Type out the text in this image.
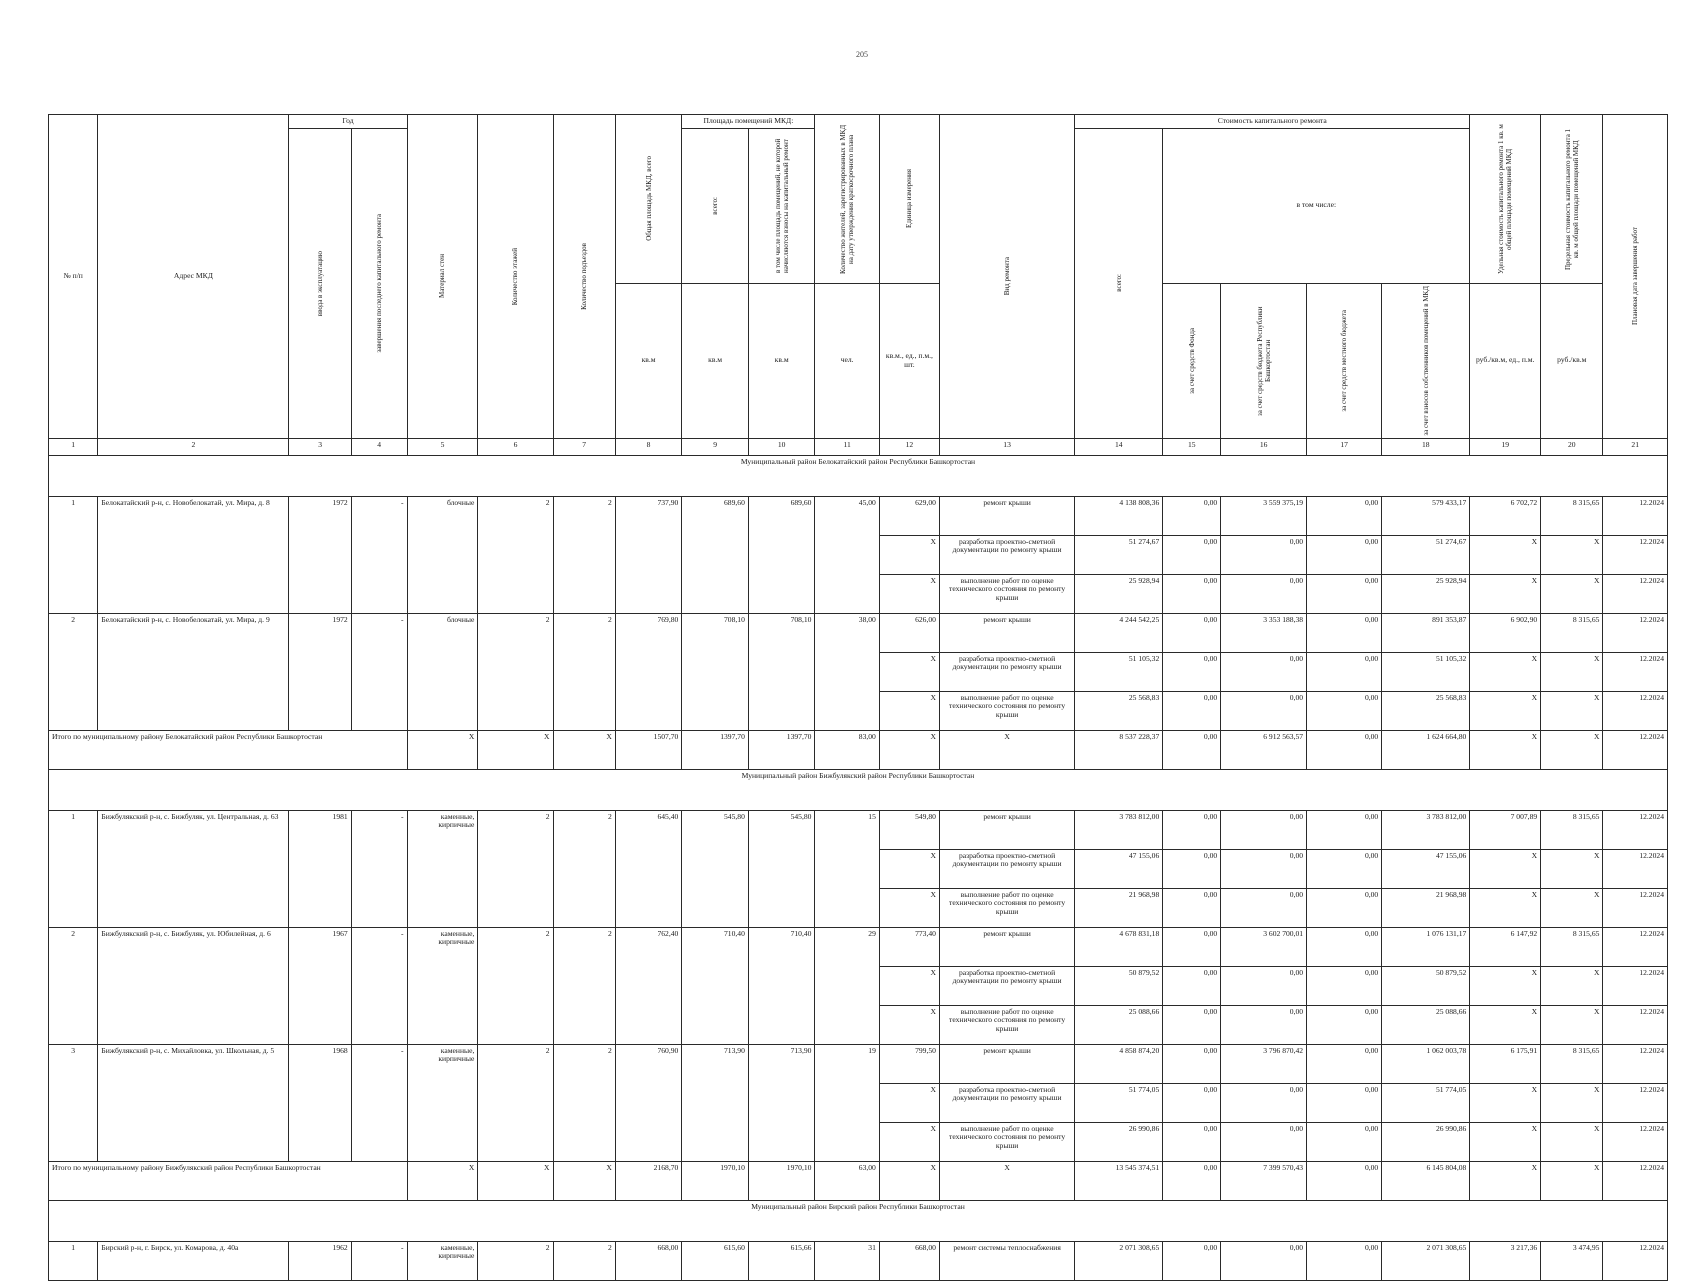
205
№ п/п	Адрес МКД	Год		Материал стен	Количество этажей	Количество подъездов	Общая площадь МКД, всего	Площадь помещений МКД:		Количество жителей, зарегистрированных в МКД на дату утверждения краткосрочного плана	Единица измерения	Вид ремонта	Стоимость капитального ремонта					Удельная стоимость капитального ремонта 1 кв. м общей площади помещений МКД	Предельная стоимость капитального ремонта 1 кв. м общей площади помещений МКД	Плановая дата завершения работ

		ввода в эксплуатацию	завершения последнего капитального ремонта					всего:	в том числе площадь помещений, не которой начисляются взносы на капитальный ремонт				всего:	в том числе:						
							кв.м	кв.м	кв.м	чел.	кв.м., ед., п.м., шт.			за счет средств Фонда	за счет средств бюджета Республики Башкортостан	за счет средств местного бюджета	за счет взносов собственников помещений в МКД	руб./кв.м, ед., п.м.	руб./кв.м	
1	2	3	4	5	6	7	8	9	10	11	12	13	14	15	16	17	18	19	20	21
Муниципальный район Белокатайский район Республики Башкортостан																				
1	Белокатайский р-н, с. Новобелокатай, ул. Мира, д. 8	1972	-	блочные	2	2	737,90	689,60	689,60	45,00	629,00	ремонт крыши	4 138 808,36	0,00	3 559 375,19	0,00	579 433,17	6 702,72	8 315,65	12.2024
											X	разработка проектно-сметной документации по ремонту крыши	51 274,67	0,00	0,00	0,00	51 274,67	X	X	12.2024
											X	выполнение работ по оценке технического состояния по ремонту крыши	25 928,94	0,00	0,00	0,00	25 928,94	X	X	12.2024
2	Белокатайский р-н, с. Новобелокатай, ул. Мира, д. 9	1972	-	блочные	2	2	769,80	708,10	708,10	38,00	626,00	ремонт крыши	4 244 542,25	0,00	3 353 188,38	0,00	891 353,87	6 902,90	8 315,65	12.2024
											X	разработка проектно-сметной документации по ремонту крыши	51 105,32	0,00	0,00	0,00	51 105,32	X	X	12.2024
											X	выполнение работ по оценке технического состояния по ремонту крыши	25 568,83	0,00	0,00	0,00	25 568,83	X	X	12.2024
Итого по муниципальному району Белокатайский район Республики Башкортостан				X	X	X	1507,70	1397,70	1397,70	83,00	X	X	8 537 228,37	0,00	6 912 563,57	0,00	1 624 664,80	X	X	12.2024
Муниципальный район Бижбулякский район Республики Башкортостан																				
1	Бижбулякский р-н, с. Бижбуляк, ул. Центральная, д. 63	1981	-	каменные, кирпичные	2	2	645,40	545,80	545,80	15	549,80	ремонт крыши	3 783 812,00	0,00	0,00	0,00	3 783 812,00	7 007,89	8 315,65	12.2024
											X	разработка проектно-сметной документации по ремонту крыши	47 155,06	0,00	0,00	0,00	47 155,06	X	X	12.2024
											X	выполнение работ по оценке технического состояния по ремонту крыши	21 968,98	0,00	0,00	0,00	21 968,98	X	X	12.2024
2	Бижбулякский р-н, с. Бижбуляк, ул. Юбилейная, д. 6	1967	-	каменные, кирпичные	2	2	762,40	710,40	710,40	29	773,40	ремонт крыши	4 678 831,18	0,00	3 602 700,01	0,00	1 076 131,17	6 147,92	8 315,65	12.2024
											X	разработка проектно-сметной документации по ремонту крыши	50 879,52	0,00	0,00	0,00	50 879,52	X	X	12.2024
											X	выполнение работ по оценке технического состояния по ремонту крыши	25 088,66	0,00	0,00	0,00	25 088,66	X	X	12.2024
3	Бижбулякский р-н, с. Михайловка, ул. Школьная, д. 5	1968	-	каменные, кирпичные	2	2	760,90	713,90	713,90	19	799,50	ремонт крыши	4 858 874,20	0,00	3 796 870,42	0,00	1 062 003,78	6 175,91	8 315,65	12.2024
											X	разработка проектно-сметной документации по ремонту крыши	51 774,05	0,00	0,00	0,00	51 774,05	X	X	12.2024
											X	выполнение работ по оценке технического состояния по ремонту крыши	26 990,86	0,00	0,00	0,00	26 990,86	X	X	12.2024
Итого по муниципальному району Бижбулякский район Республики Башкортостан				X	X	X	2168,70	1970,10	1970,10	63,00	X	X	13 545 374,51	0,00	7 399 570,43	0,00	6 145 804,08	X	X	12.2024
Муниципальный район Бирский район Республики Башкортостан																				
1	Бирский р-н, г. Бирск, ул. Комарова, д. 40а	1962	-	каменные, кирпичные	2	2	668,00	615,60	615,66	31	668,00	ремонт системы теплоснабжения	2 071 308,65	0,00	0,00	0,00	2 071 308,65	3 217,36	3 474,95	12.2024
